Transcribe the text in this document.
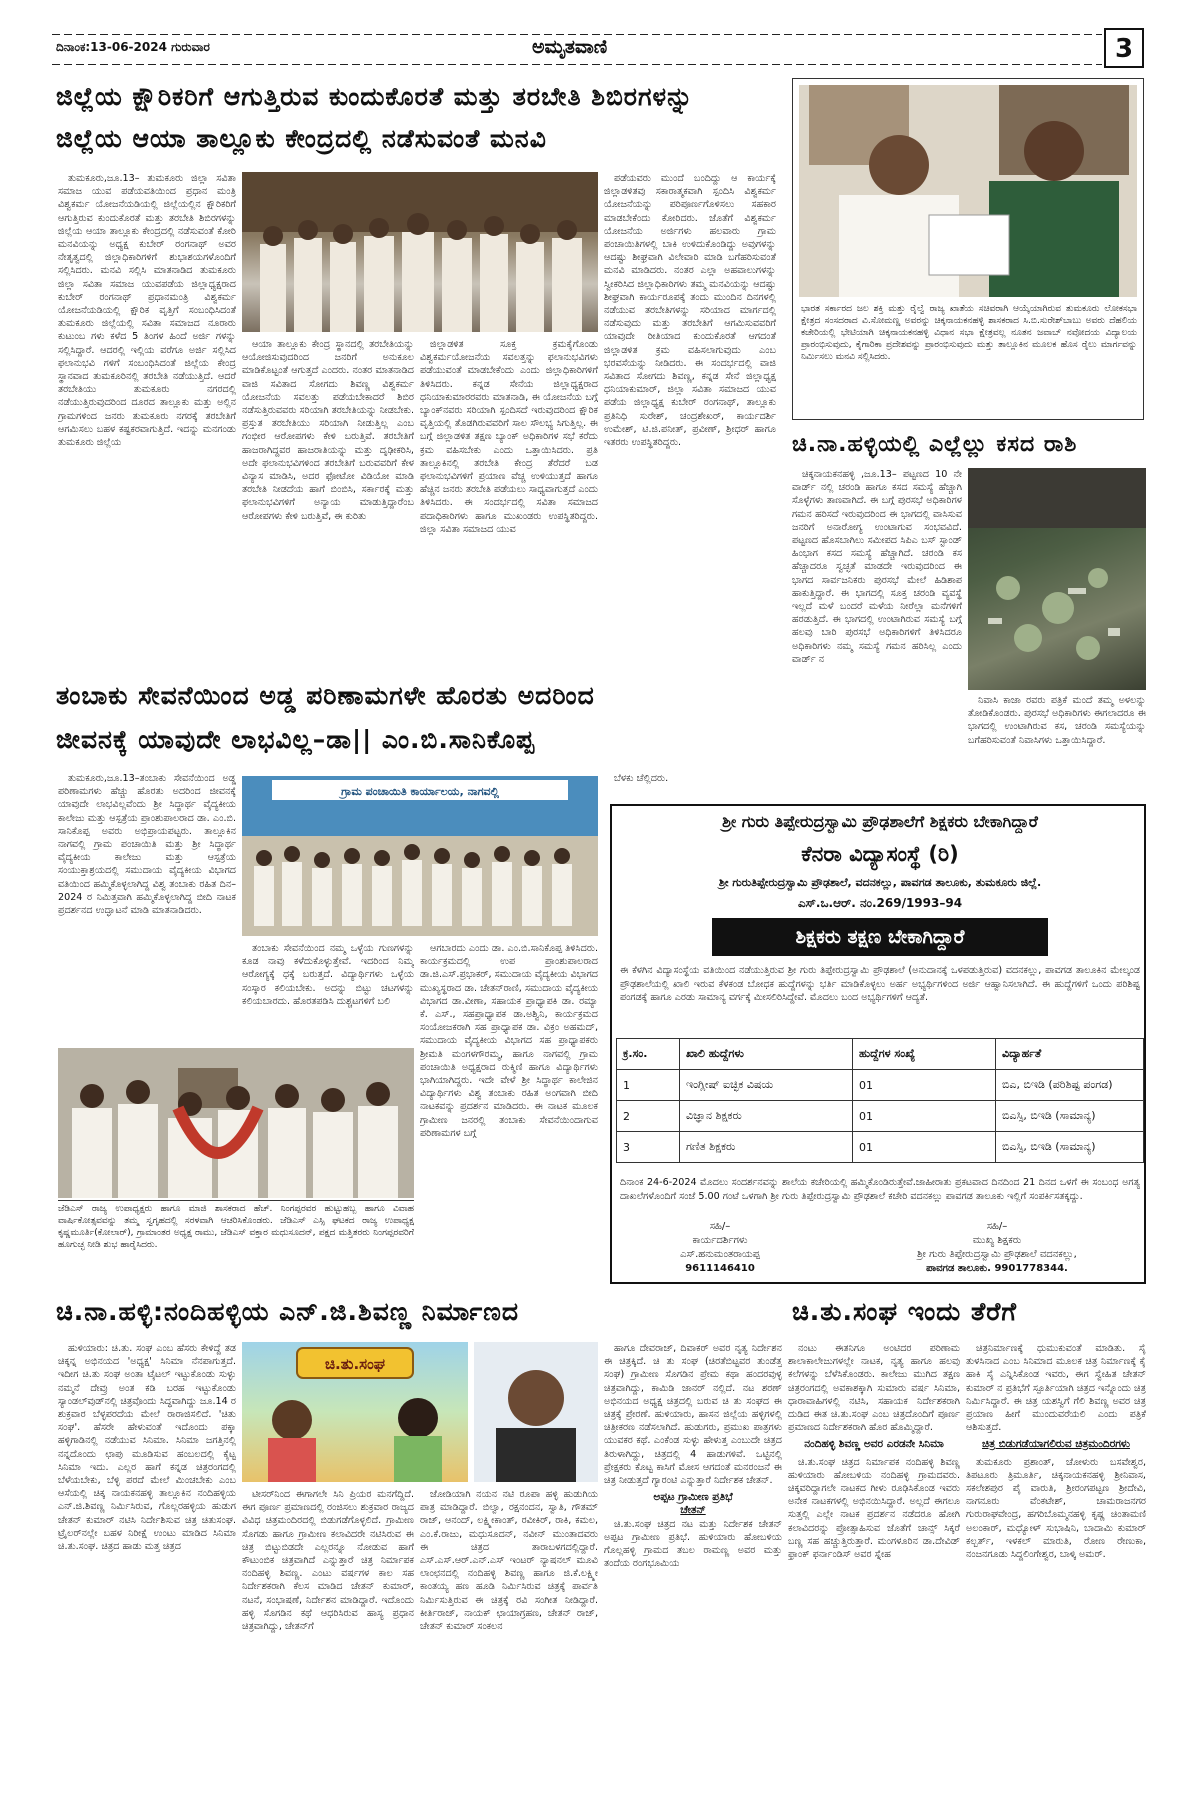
ದಿನಾಂಕ:13-06-2024 ಗುರುವಾರ	ಅಮೃತವಾಣಿ	3
ಜಿಲ್ಲೆಯ ಕ್ಷೌರಿಕರಿಗೆ ಆಗುತ್ತಿರುವ ಕುಂದುಕೊರತೆ ಮತ್ತು ತರಬೇತಿ ಶಿಬಿರಗಳನ್ನು
ಜಿಲ್ಲೆಯ ಆಯಾ ತಾಲ್ಲೂಕು ಕೇಂದ್ರದಲ್ಲಿ ನಡೆಸುವಂತೆ ಮನವಿ

ತುಮಕೂರು,ಜೂ.13– ತುಮಕೂರು ಜಿಲ್ಲಾ ಸವಿತಾ ಸಮಾಜ ಯುವ ಪಡೆಯವತಿಯಿಂದ ಪ್ರಧಾನ ಮಂತ್ರಿ ವಿಶ್ವಕರ್ಮ ಯೋಜನೆಯಡಿಯಲ್ಲಿ ಜಿಲ್ಲೆಯಲ್ಲಿನ ಕ್ಷೌರಿಕರಿಗೆ ಆಗುತ್ತಿರುವ ಕುಂದುಕೊರತೆ ಮತ್ತು ತರಬೇತಿ ಶಿಬಿರಗಳನ್ನು ಜಿಲ್ಲೆಯ ಆಯಾ ತಾಲ್ಲೂಕು ಕೇಂದ್ರದಲ್ಲಿ ನಡೆಸುವಂತೆ ಕೋರಿ ಮನವಿಯನ್ನು ಅಧ್ಯಕ್ಷ ಕುಬೇರ್ ರಂಗನಾಥ್ ಅವರ ನೇತೃತ್ವದಲ್ಲಿ ಜಿಲ್ಲಾಧಿಕಾರಿಗಳಿಗೆ ಶುಭಾಶಯಗಳೊಂದಿಗೆ ಸಲ್ಲಿಸಿದರು. ಮನವಿ ಸಲ್ಲಿಸಿ ಮಾತನಾಡಿದ ತುಮಕೂರು ಜಿಲ್ಲಾ ಸವಿತಾ ಸಮಾಜ ಯುವಪಡೆಯ ಜಿಲ್ಲಾಧ್ಯಕ್ಷರಾದ ಕುಬೇರ್ ರಂಗನಾಥ್ ಪ್ರಧಾನಮಂತ್ರಿ ವಿಶ್ವಕರ್ಮ ಯೋಜನೆಯಡಿಯಲ್ಲಿ ಕ್ಷೌರಿಕ ವೃತ್ತಿಗೆ ಸಂಬಂಧಿಸಿದಂತೆ ತುಮಕೂರು ಜಿಲ್ಲೆಯಲ್ಲಿ ಸವಿತಾ ಸಮಾಜದ ನೂರಾರು ಕುಟುಂಬ ಗಳು ಕಳೆದ 5 ತಿಂಗಳ ಹಿಂದೆ ಅರ್ಜಿ ಗಳನ್ನು ಸಲ್ಲಿಸಿದ್ದಾರೆ. ಆದರಲ್ಲಿ ಇಲ್ಲಿಯ ವರೆಗೂ ಅರ್ಜಿ ಸಲ್ಲಿಸಿದ ಫಲಾನುಭವಿ ಗಳಿಗೆ ಸಂಬಂಧಿಸಿದಂತೆ ಜಿಲ್ಲೆಯ ಕೇಂದ್ರ ಸ್ಥಾನವಾದ ತುಮಕೂರಿನಲ್ಲಿ ತರಬೇತಿ ನಡೆಯುತ್ತಿದೆ. ಆದರೆ ತರಬೇತಿಯು ತುಮಕೂರು ನಗರದಲ್ಲಿ ನಡೆಯುತ್ತಿರುವುದರಿಂದ ದೂರದ ತಾಲ್ಲೂಕು ಮತ್ತು ಅಲ್ಲಿನ ಗ್ರಾಮಗಳಿಂದ ಜನರು ತುಮಕೂರು ನಗರಕ್ಕೆ ತರಬೇತಿಗೆ ಆಗಮಿಸಲು ಬಹಳ ಕಷ್ಟಕರವಾಗುತ್ತಿದೆ. ಇದನ್ನು ಮನಗಂಡು ತುಮಕೂರು ಜಿಲ್ಲೆಯ

ಆಯಾ ತಾಲ್ಲೂಕು ಕೇಂದ್ರ ಸ್ಥಾನದಲ್ಲಿ ತರಬೇತಿಯನ್ನು ಆಯೋಜಿಸುವುದರಿಂದ ಜನರಿಗೆ ಅನುಕೂಲ ಮಾಡಿಕೊಟ್ಟಂತೆ ಆಗುತ್ತದೆ ಎಂದರು. ನಂತರ ಮಾತನಾಡಿದ ವಾಜಿ ಸವಿತಾದ ಸೋಗದು ಶಿವಣ್ಣ ವಿಶ್ವಕರ್ಮ ಯೋಜನೆಯ ಸವಲತ್ತು ಪಡೆಯಬೇಕಾದರೆ ಶಿಬಿರ ನಡೆಸುತ್ತಿರುವವರು ಸರಿಯಾಗಿ ತರಬೇತಿಯನ್ನು ನೀಡಬೇಕು. ಪ್ರಸ್ತುತ ತರಬೇತಿಯು ಸರಿಯಾಗಿ ನೀಡುತ್ತಿಲ್ಲ ಎಂಬ ಗಂಭೀರ ಆರೋಪಗಳು ಕೇಳಿ ಬರುತ್ತಿವೆ. ತರಬೇತಿಗೆ ಹಾಜರಾಗಿದ್ದವರ ಹಾಜರಾತಿಯನ್ನು ಮತ್ತು ದೃಢೀಕರಿಸಿ, ಅದೇ ಫಲಾನುಭವಿಗಳಿಂದ ತರಬೇತಿಗೆ ಬರುವವರಿಗೆ ಕೇಳ ವಿನ್ಯಾಸ ಮಾಡಿಸಿ, ಅದರ ಫೋಟೋ ವಿಡಿಯೋ ಮಾಡಿ ತರಬೇತಿ ನೀಡದೆಯ ಹಾಗೆ ಬಿಂಬಿಸಿ, ಸರ್ಕಾರಕ್ಕೆ ಮತ್ತು ಫಲಾನುಭವಿಗಳಿಗೆ ಅನ್ಯಾಯ ಮಾಡುತ್ತಿದ್ದಾರೆಂಬ ಆರೋಪಗಳು ಕೇಳಿ ಬರುತ್ತಿವೆ, ಈ ಕುರಿತು

ಜಿಲ್ಲಾಡಳಿತ ಸೂಕ್ತ ಕ್ರಮಕೈಗೊಂಡು ವಿಶ್ವಕರ್ಮಯೋಜನೆಯ ಸವಲತ್ತನ್ನು ಫಲಾನುಭವಿಗಳು ಪಡೆಯುವಂತೆ ಮಾಡಬೇಕೆಂದು ಎಂದು ಜಿಲ್ಲಾಧಿಕಾರಿಗಳಿಗೆ ತಿಳಿಸಿದರು. ಕನ್ನಡ ಸೇನೆಯ ಜಿಲ್ಲಾಧ್ಯಕ್ಷರಾದ ಧನಿಯಾಕುಮಾರರವರು ಮಾತನಾಡಿ, ಈ ಯೋಜನೆಯ ಬಗ್ಗೆ ಬ್ಯಾಂಕ್‌ನವರು ಸರಿಯಾಗಿ ಸ್ಪಂದಿಸದೆ ಇರುವುದರಿಂದ ಕ್ಷೌರಿಕ ವೃತ್ತಿಯಲ್ಲಿ ತೊಡಗಿರುವವರಿಗೆ ಸಾಲ ಸೌಲಭ್ಯ ಸಿಗುತ್ತಿಲ್ಲ. ಈ ಬಗ್ಗೆ ಜಿಲ್ಲಾಡಳಿತ ತಕ್ಷಣ ಬ್ಯಾಂಕ್ ಅಧಿಕಾರಿಗಳ ಸಭೆ ಕರೆದು ಕ್ರಮ ವಹಿಸಬೇಕು ಎಂದು ಒತ್ತಾಯಿಸಿದರು. ಪ್ರತಿ ತಾಲ್ಲೂಕಿನಲ್ಲಿ ತರಬೇತಿ ಕೇಂದ್ರ ತೆರೆದರೆ ಬಡ ಫಲಾನುಭವಿಗಳಿಗೆ ಪ್ರಯಾಣ ವೆಚ್ಚ ಉಳಿಯುತ್ತದೆ ಹಾಗೂ ಹೆಚ್ಚಿನ ಜನರು ತರಬೇತಿ ಪಡೆಯಲು ಸಾಧ್ಯವಾಗುತ್ತದೆ ಎಂದು ತಿಳಿಸಿದರು. ಈ ಸಂದರ್ಭದಲ್ಲಿ ಸವಿತಾ ಸಮಾಜದ ಪದಾಧಿಕಾರಿಗಳು ಹಾಗೂ ಮುಖಂಡರು ಉಪಸ್ಥಿತರಿದ್ದರು. ಜಿಲ್ಲಾ ಸವಿತಾ ಸಮಾಜದ ಯುವ

ಪಡೆಯವರು ಮುಂದೆ ಬಂದಿದ್ದು ಆ ಕಾರ್ಯಕ್ಕೆ ಜಿಲ್ಲಾಡಳಿತವು ಸಕಾರಾತ್ಮಕವಾಗಿ ಸ್ಪಂದಿಸಿ ವಿಶ್ವಕರ್ಮ ಯೋಜನೆಯನ್ನು ಪರಿಪೂರ್ಣಗೊಳಿಸಲು ಸಹಕಾರ ಮಾಡಬೇಕೆಂದು ಕೋರಿದರು. ಜೊತೆಗೆ ವಿಶ್ವಕರ್ಮ ಯೋಜನೆಯ ಅರ್ಜಿಗಳು ಹಲವಾರು ಗ್ರಾಮ ಪಂಚಾಯಿತಿಗಳಲ್ಲಿ ಬಾಕಿ ಉಳಿದುಕೊಂಡಿದ್ದು ಅವುಗಳನ್ನು ಆದಷ್ಟು ಶೀಘ್ರವಾಗಿ ವಿಲೇವಾರಿ ಮಾಡಿ ಬಗೆಹರಿಸುವಂತೆ ಮನವಿ ಮಾಡಿದರು. ನಂತರ ಎಲ್ಲಾ ಅಹವಾಲುಗಳನ್ನು ಸ್ವೀಕರಿಸಿದ ಜಿಲ್ಲಾಧಿಕಾರಿಗಳು ತಮ್ಮ ಮನವಿಯನ್ನು ಆದಷ್ಟು ಶೀಘ್ರವಾಗಿ ಕಾರ್ಯರೂಪಕ್ಕೆ ತಂದು ಮುಂದಿನ ದಿನಗಳಲ್ಲಿ ನಡೆಯುವ ತರಬೇತಿಗಳನ್ನು ಸರಿಯಾದ ಮಾರ್ಗದಲ್ಲಿ ನಡೆಸುವುದು ಮತ್ತು ತರಬೇತಿಗೆ ಆಗಮಿಸುವವರಿಗೆ ಯಾವುದೇ ರೀತಿಯಾದ ಕುಂದುಕೊರತೆ ಆಗದಂತೆ ಜಿಲ್ಲಾಡಳಿತ ಕ್ರಮ ವಹಿಸಲಾಗುವುದು ಎಂಬ ಭರವಸೆಯನ್ನು ನೀಡಿದರು. ಈ ಸಂದರ್ಭದಲ್ಲಿ ವಾಜಿ ಸವಿತಾದ ಸೋಗದು ಶಿವಣ್ಣ, ಕನ್ನಡ ಸೇನೆ ಜಿಲ್ಲಾಧ್ಯಕ್ಷ ಧನಿಯಾಕುಮಾರ್, ಜಿಲ್ಲಾ ಸವಿತಾ ಸಮಾಜದ ಯುವ ಪಡೆಯ ಜಿಲ್ಲಾಧ್ಯಕ್ಷ ಕುಬೇರ್ ರಂಗನಾಥ್, ತಾಲ್ಲೂಕು ಪ್ರತಿನಿಧಿ ಸುರೇಶ್, ಚಂದ್ರಶೇಖರ್, ಕಾರ್ಯದರ್ಶಿ ಉಮೇಶ್, ಟಿ.ಜಿ.ಪನೀತ್, ಪ್ರವೀಣ್, ಶ್ರೀಧರ್ ಹಾಗೂ ಇತರರು ಉಪಸ್ಥಿತರಿದ್ದರು.

ಭಾರತ ಸರ್ಕಾರದ ಜಲ ಶಕ್ತಿ ಮತ್ತು ರೈಲ್ವೆ ರಾಜ್ಯ ಖಾತೆಯ ಸಚಿವರಾಗಿ ಆಯ್ಕೆಯಾಗಿರುವ ತುಮಕೂರು ಲೋಕಸಭಾ ಕ್ಷೇತ್ರದ ಸಂಸದರಾದ ವಿ.ಸೋಮಣ್ಣ ಅವರನ್ನು ಚಿಕ್ಕನಾಯಕನಹಳ್ಳಿ ಶಾಸಕರಾದ ಸಿ.ಬಿ.ಸುರೇಶ್‌ಬಾಬು ಅವರು ದೆಹಲಿಯ ಕಚೇರಿಯಲ್ಲಿ ಭೇಟಿಯಾಗಿ ಚಿಕ್ಕನಾಯಕನಹಳ್ಳಿ ವಿಧಾನ ಸಭಾ ಕ್ಷೇತ್ರವಲ್ಲ ನೂತನ ಜವಾಬ್ ನವೋದಯ ವಿದ್ಯಾಲಯ ಪ್ರಾರಂಭಿಸುವುದು, ಕೈಗಾರಿಕಾ ಪ್ರದೇಶವನ್ನು ಪ್ರಾರಂಭಿಸುವುದು ಮತ್ತು ತಾಲ್ಲೂಕಿನ ಮೂಲಕ ಹೊಸ ರೈಲು ಮಾರ್ಗವನ್ನು ನಿರ್ಮಿಸಲು ಮನವಿ ಸಲ್ಲಿಸಿದರು.
ಚಿ.ನಾ.ಹಳ್ಳಿಯಲ್ಲಿ ಎಲ್ಲೆಲ್ಲು ಕಸದ ರಾಶಿ

ಚಿಕ್ಕನಾಯಕನಹಳ್ಳಿ ,ಜೂ.13– ಪಟ್ಟಣದ 10 ನೇ ವಾರ್ಡ್ ನಲ್ಲಿ ಚರಂಡಿ ಹಾಗೂ ಕಸದ ಸಮಸ್ಯೆ ಹೆಚ್ಚಾಗಿ ಸೊಳ್ಳೆಗಳು ತಾಣವಾಗಿದೆ. ಈ ಬಗ್ಗೆ ಪುರಸಭೆ ಅಧಿಕಾರಿಗಳ ಗಮನ ಹರಿಸದೆ ಇರುವುದರಿಂದ ಈ ಭಾಗದಲ್ಲಿ ವಾಸಿಸುವ ಜನರಿಗೆ ಅನಾರೋಗ್ಯ ಉಂಟಾಗುವ ಸಂಭವವಿದೆ. ಪಟ್ಟಣದ ಹೊಸಬಾಗಿಲು ಸಮೀಪದ ಸಿಪಿಎ ಬಸ್ ಸ್ಟಾಂಡ್ ಹಿಂಭಾಗ ಕಸದ ಸಮಸ್ಯೆ ಹೆಚ್ಚಾಗಿದೆ. ಚರಂಡಿ ಕಸ ಹೆಚ್ಚಾದರೂ ಸ್ವಚ್ಛತೆ ಮಾಡದೇ ಇರುವುದರಿಂದ ಈ ಭಾಗದ ಸಾರ್ವಜನಿಕರು ಪುರಸಭೆ ಮೇಲೆ ಹಿಡಿಶಾಪ ಹಾಕುತ್ತಿದ್ದಾರೆ. ಈ ಭಾಗದಲ್ಲಿ ಸೂಕ್ತ ಚರಂಡಿ ವ್ಯವಸ್ಥೆ ಇಲ್ಲದೆ ಮಳೆ ಬಂದರೆ ಮಳೆಯ ನೀರೆಲ್ಲಾ ಮನೆಗಳಿಗೆ ಹರಡುತ್ತಿದೆ. ಈ ಭಾಗದಲ್ಲಿ ಉಂಟಾಗಿರುವ ಸಮಸ್ಯೆ ಬಗ್ಗೆ ಹಲವು ಬಾರಿ ಪುರಸಭೆ ಅಧಿಕಾರಿಗಳಿಗೆ ತಿಳಿಸಿದರೂ ಅಧಿಕಾರಿಗಳು ನಮ್ಮ ಸಮಸ್ಯೆ ಗಮನ ಹರಿಸಿಲ್ಲ ಎಂದು ವಾರ್ಡ್ ನ

ನಿವಾಸಿ ಕಾಜಾ ರವರು ಪತ್ರಿಕೆ ಮಂದೆ ತಮ್ಮ ಅಳಲನ್ನು ತೋಡಿಕೊಂಡರು. ಪುರಸಭೆ ಅಧಿಕಾರಿಗಳು ಈಗಲಾದರೂ ಈ ಭಾಗದಲ್ಲಿ ಉಂಟಾಗಿರುವ ಕಸ, ಚರಂಡಿ ಸಮಸ್ಯೆಯನ್ನು ಬಗೆಹರಿಸುವಂತೆ ನಿವಾಸಿಗಳು ಒತ್ತಾಯಿಸಿದ್ದಾರೆ.

ತಂಬಾಕು ಸೇವನೆಯಿಂದ ಅಡ್ಡ ಪರಿಣಾಮಗಳೇ ಹೊರತು ಅದರಿಂದ
ಜೀವನಕ್ಕೆ ಯಾವುದೇ ಲಾಭವಿಲ್ಲ–ಡಾ|| ಎಂ.ಬಿ.ಸಾನಿಕೊಪ್ಪ

ತುಮಕೂರು,ಜೂ.13–ತಂಬಾಕು ಸೇವನೆಯಿಂದ ಅಡ್ಡ ಪರಿಣಾಮಗಳು ಹೆಚ್ಚು ಹೊರತು ಅದರಿಂದ ಜೀವನಕ್ಕೆ ಯಾವುದೇ ಲಾಭವಿಲ್ಲವೆಂದು ಶ್ರೀ ಸಿದ್ಧಾರ್ಥ ವೈದ್ಯಕೀಯ ಕಾಲೇಜು ಮತ್ತು ಆಸ್ಪತ್ರೆಯ ಪ್ರಾಂಶುಪಾಲರಾದ ಡಾ. ಎಂ.ಬಿ. ಸಾನಿಕೊಪ್ಪ ಅವರು ಅಭಿಪ್ರಾಯಪಟ್ಟರು. ತಾಲ್ಲೂಕಿನ ನಾಗವಲ್ಲಿ ಗ್ರಾಮ ಪಂಚಾಯಿತಿ ಮತ್ತು ಶ್ರೀ ಸಿದ್ಧಾರ್ಥ ವೈದ್ಯಕೀಯ ಕಾಲೇಜು ಮತ್ತು ಆಸ್ಪತ್ರೆಯ ಸಂಯುಕ್ತಾಶ್ರಯದಲ್ಲಿ ಸಮುದಾಯ ವೈದ್ಯಕೀಯ ವಿಭಾಗದ ವತಿಯಿಂದ ಹಮ್ಮಿಕೊಳ್ಳಲಾಗಿದ್ದ ವಿಶ್ವ ತಂಬಾಕು ರಹಿತ ದಿನ–2024 ರ ನಿಮಿತ್ತವಾಗಿ ಹಮ್ಮಿಕೊಳ್ಳಲಾಗಿದ್ದ ಬೀದಿ ನಾಟಕ ಪ್ರದರ್ಶನದ ಉದ್ಘಾಟನೆ ಮಾಡಿ ಮಾತನಾಡಿದರು.

ಗ್ರಾಮ ಪಂಚಾಯಿತಿ ಕಾರ್ಯಾಲಯ, ನಾಗವಲ್ಲಿ

ತಂಬಾಕು ಸೇವನೆಯಿಂದ ನಮ್ಮ ಒಳ್ಳೆಯ ಗುಣಗಳನ್ನು ಕೂಡ ನಾವು ಕಳೆದುಕೊಳ್ಳುತ್ತೇವೆ. ಇದರಿಂದ ನಿಮ್ಮ ಆರೋಗ್ಯಕ್ಕೆ ಧಕ್ಕೆ ಬರುತ್ತದೆ. ವಿದ್ಯಾರ್ಥಿಗಳು ಒಳ್ಳೆಯ ಸಂಸ್ಕಾರ ಕಲಿಯಬೇಕು. ಅದನ್ನು ಬಿಟ್ಟು ಚಟಗಳನ್ನು ಕಲಿಯಬಾರದು. ಹೊರತಪಡಿಸಿ ದುಶ್ಚಟಗಳಿಗೆ ಬಲಿ

ಆಗಬಾರದು ಎಂದು ಡಾ. ಎಂ.ಬಿ.ಸಾನಿಕೊಪ್ಪ ತಿಳಿಸಿದರು. ಕಾರ್ಯಕ್ರಮದಲ್ಲಿ ಉಪ ಪ್ರಾಂಶುಪಾಲರಾದ ಡಾ.ಜಿ.ಎಸ್.ಪ್ರಭಾಕರ್, ಸಮುದಾಯ ವೈದ್ಯಕೀಯ ವಿಭಾಗದ ಮುಖ್ಯಸ್ಥರಾದ ಡಾ. ಚೇತನ್‌ರಾಣಿ, ಸಮುದಾಯ ವೈದ್ಯಕೀಯ ವಿಭಾಗದ ಡಾ.ವೀಣಾ, ಸಹಾಯಕ ಪ್ರಾಧ್ಯಾಪಕಿ ಡಾ. ರಮ್ಯಾ ಕೆ. ಎಸ್., ಸಹಪ್ರಾಧ್ಯಾಪಕ ಡಾ.ಅಶ್ವಿನಿ, ಕಾರ್ಯಕ್ರಮದ ಸಂಯೋಜಕರಾಗಿ ಸಹ ಪ್ರಾಧ್ಯಾಪಕ ಡಾ. ವಿಕ್ರಂ ಅಹಮದ್, ಸಮುದಾಯ ವೈದ್ಯಕೀಯ ವಿಭಾಗದ ಸಹ ಪ್ರಾಧ್ಯಾಪಕರು ಶ್ರೀಮತಿ ಮಂಗಳಗೌರಮ್ಮ, ಹಾಗೂ ನಾಗವಲ್ಲಿ ಗ್ರಾಮ ಪಂಚಾಯಿತಿ ಅಧ್ಯಕ್ಷರಾದ ರುಕ್ಮಿಣಿ ಹಾಗೂ ವಿದ್ಯಾರ್ಥಿಗಳು ಭಾಗಿಯಾಗಿದ್ದರು. ಇದೇ ವೇಳೆ ಶ್ರೀ ಸಿದ್ಧಾರ್ಥ ಕಾಲೇಜಿನ ವಿದ್ಯಾರ್ಥಿಗಳು ವಿಶ್ವ ತಂಬಾಕು ರಹಿತ ಅಂಗವಾಗಿ ಬೀದಿ ನಾಟಕವನ್ನು ಪ್ರದರ್ಶನ ಮಾಡಿದರು. ಈ ನಾಟಕ ಮೂಲಕ ಗ್ರಾಮೀಣ ಜನರಲ್ಲಿ ತಂಬಾಕು ಸೇವನೆಯಿಂದಾಗುವ ಪರಿಣಾಮಗಳ ಬಗ್ಗೆ

ಬೆಳಕು ಚೆಲ್ಲಿದರು.

ಜೆಡಿಎಸ್ ರಾಜ್ಯ ಉಪಾಧ್ಯಕ್ಷರು ಹಾಗೂ ಮಾಜಿ ಶಾಸಕರಾದ ಹೆಚ್. ನಿಂಗಪ್ಪರವರ ಹುಟ್ಟುಹಬ್ಬ ಹಾಗೂ ವಿವಾಹ ವಾರ್ಷಿಕೋತ್ಸವವನ್ನು ತಮ್ಮ ಸ್ವಗೃಹದಲ್ಲಿ ಸರಳವಾಗಿ ಆಚರಿಸಿಕೊಂಡರು. ಜೆಡಿಎಸ್ ಎಸ್ಸಿ ಘಟಕದ ರಾಜ್ಯ ಉಪಾಧ್ಯಕ್ಷ ಕೃಷ್ಣಮೂರ್ತಿ(ಕೋಲಾರ್), ಗ್ರಾಮಾಂತರ ಅಧ್ಯಕ್ಷ ರಾಮು, ಜೆಡಿಎಸ್ ವಕ್ತಾರ ಮಧುಸೂದನ್, ಪಕ್ಷದ ಮತ್ತಿತರರು ನಿಂಗಪ್ಪರವರಿಗೆ ಹೂಗುಚ್ಛ ನೀಡಿ ಶುಭ ಹಾರೈಸಿದರು.
ಶ್ರೀ ಗುರು ತಿಪ್ಪೇರುದ್ರಸ್ವಾಮಿ ಪ್ರೌಢಶಾಲೆಗೆ ಶಿಕ್ಷಕರು ಬೇಕಾಗಿದ್ದಾರೆ
ಕೆನರಾ ವಿದ್ಯಾಸಂಸ್ಥೆ (ರಿ)
ಶ್ರೀ ಗುರುತಿಪ್ಪೇರುದ್ರಸ್ವಾಮಿ ಪ್ರೌಢಶಾಲೆ, ವದನಕಲ್ಲು, ಪಾವಗಡ ತಾಲೂಕು, ತುಮಕೂರು ಜಿಲ್ಲೆ.
ಎಸ್.ಒ.ಆರ್. ನಂ.269/1993–94
ಶಿಕ್ಷಕರು ತಕ್ಷಣ ಬೇಕಾಗಿದ್ದಾರೆ
ಈ ಕೆಳಗಿನ ವಿದ್ಯಾಸಂಸ್ಥೆಯ ವತಿಯಿಂದ ನಡೆಯುತ್ತಿರುವ ಶ್ರೀ ಗುರು ತಿಪ್ಪೇರುದ್ರಸ್ವಾಮಿ ಪ್ರೌಢಶಾಲೆ (ಅನುದಾನಕ್ಕೆ ಒಳಪಡುತ್ತಿರುವ) ವದನಕಲ್ಲು, ಪಾವಗಡ ತಾಲೂಕಿನ ಮೇಲ್ಕಂಡ ಪ್ರೌಢಶಾಲೆಯಲ್ಲಿ ಖಾಲಿ ಇರುವ ಕೆಳಕಂಡ ಬೋಧಕ ಹುದ್ದೆಗಳನ್ನು ಭರ್ತಿ ಮಾಡಿಕೊಳ್ಳಲು ಅರ್ಹ ಅಭ್ಯರ್ಥಿಗಳಿಂದ ಅರ್ಜಿ ಆಹ್ವಾನಿಸಲಾಗಿದೆ. ಈ ಹುದ್ದೆಗಳಿಗೆ ಒಂದು ಪರಿಶಿಷ್ಟ ಪಂಗಡಕ್ಕೆ ಹಾಗೂ ಎರಡು ಸಾಮಾನ್ಯ ವರ್ಗಕ್ಕೆ ಮೀಸಲಿರಿಸಿದ್ದೇವೆ. ಮೊದಲು ಬಂದ ಅಭ್ಯರ್ಥಿಗಳಿಗೆ ಆದ್ಯತೆ.
ಕ್ರ.ಸಂ.	ಖಾಲಿ ಹುದ್ದೆಗಳು	ಹುದ್ದೆಗಳ ಸಂಖ್ಯೆ	ವಿದ್ಯಾರ್ಹತೆ
1	ಇಂಗ್ಲೀಷ್ ಐಚ್ಛಿಕ ವಿಷಯ	01	ಬಿಎ, ಬಿಇಡಿ (ಪರಿಶಿಷ್ಟ ಪಂಗಡ)
2	ವಿಜ್ಞಾನ ಶಿಕ್ಷಕರು	01	ಬಿಎಸ್ಸಿ, ಬಿಇಡಿ (ಸಾಮಾನ್ಯ)
3	ಗಣಿತ ಶಿಕ್ಷಕರು	01	ಬಿಎಸ್ಸಿ, ಬಿಇಡಿ (ಸಾಮಾನ್ಯ)
ದಿನಾಂಕ 24-6-2024 ಮೊದಲು ಸಂದರ್ಶನವನ್ನು ಶಾಲೆಯ ಕಚೇರಿಯಲ್ಲಿ ಹಮ್ಮಿಕೊಂಡಿರುತ್ತೇವೆ.ಜಾಹೀರಾತು ಪ್ರಕಟವಾದ ದಿನದಿಂದ 21 ದಿನದ ಒಳಗೆ ಈ ಸಂಬಂಧ ಅಗತ್ಯ ದಾಖಲೆಗಳೊಂದಿಗೆ ಸಂಜೆ 5.00 ಗಂಟೆ ಒಳಗಾಗಿ ಶ್ರೀ ಗುರು ತಿಪ್ಪೇರುದ್ರಸ್ವಾಮಿ ಪ್ರೌಢಶಾಲೆ ಕಚೇರಿ ವದನಕಲ್ಲು ಪಾವಗಡ ತಾಲೂಕು ಇಲ್ಲಿಗೆ ಸಂಪರ್ಕಿಸತಕ್ಕದ್ದು.
ಸಹಿ/–
ಕಾರ್ಯದರ್ಶಿಗಳು
ಎಸ್.ಹನುಮಂತರಾಯಪ್ಪ
9611146410
ಸಹಿ/–
ಮುಖ್ಯ ಶಿಕ್ಷಕರು
ಶ್ರೀ ಗುರು ತಿಪ್ಪೇರುದ್ರಸ್ವಾಮಿ ಪ್ರೌಢಶಾಲೆ ವದನಕಲ್ಲು,
ಪಾವಗಡ ತಾಲೂಕು. 9901778344.
ಚಿ.ನಾ.ಹಳ್ಳಿ:ನಂದಿಹಳ್ಳಿಯ ಎನ್.ಜಿ.ಶಿವಣ್ಣ ನಿರ್ಮಾಣದ	ಚಿ.ತು.ಸಂಘ ಇಂದು ತೆರೆಗೆ

ಹುಳಿಯಾರು: ಚಿ.ತು. ಸಂಘ ಎಂಬ ಹೆಸರು ಕೇಳಿದ್ದೆ ತಡ ಚಿಕ್ಕನ್ನ ಅಭಿನಯದ 'ಅಧ್ಯಕ್ಷ' ಸಿನಿಮಾ ನೆನಪಾಗುತ್ತದೆ. ಇದೀಗ ಚಿ.ತು ಸಂಘ ಅಂತಾ ಟೈಟಲ್ ಇಟ್ಟುಕೊಂಡು ಸುಳ್ಳು ನಮ್ಮನೆ ದೇವ್ರು ಅಂತ ಕಡಿ ಬರಹ ಇಟ್ಟುಕೊಂಡು ಸ್ಯಾಂಡಲ್‌ವುಡ್‌ನಲ್ಲಿ ಚಿತ್ರವೊಂದು ಸಿದ್ಧವಾಗಿದ್ದು ಜೂ.14 ರ ಶುಕ್ರವಾರ ಬೆಳ್ಳಪರದೆಯ ಮೇಲೆ ರಾರಾಜಿಸಲಿದೆ. 'ಚಿತು ಸಂಘ'. ಹೆಸರೇ ಹೇಳುವಂತೆ ಇದೊಂದು ಪಕ್ಕಾ ಹಳ್ಳಿಗಾಡಿನಲ್ಲಿ ನಡೆಯುವ ಸಿನಿಮಾ. ಸಿನಿಮಾ ಜಗತ್ತಿನಲ್ಲಿ ನನ್ನದೊಂದು ಛಾಪು ಮೂಡಿಸುವ ಹಂಬಲದಲ್ಲಿ ಕೈಟ್ಟ ಸಿನಿಮಾ ಇದು. ಎಲ್ಲರ ಹಾಗೆ ಕನ್ನಡ ಚಿತ್ರರಂಗದಲ್ಲಿ ಬೆಳೆಯಬೇಕು, ಬೆಳ್ಳಿ ಪರದೆ ಮೇಲೆ ಮಿಂಚಬೇಕು ಎಂಬ ಆಸೆಯಲ್ಲಿ ಚಿಕ್ಕ ನಾಯಕನಹಳ್ಳಿ ತಾಲ್ಲೂಕಿನ ನಂದಿಹಳ್ಳಿಯ ಎನ್.ಜಿ.ಶಿವಣ್ಣ ನಿರ್ಮಿಸಿರುವ, ಗೊಲ್ಲರಹಳ್ಳಿಯ ಹುಡುಗ ಚೇತನ್ ಕುಮಾರ್ ನಟಿಸಿ ನಿರ್ದೇಶಿಸುವ ಚಿತ್ರ ಚಿತುಸಂಘ. ಟ್ರೈಲರ್‌ನಲ್ಲೇ ಬಹಳ ನಿರೀಕ್ಷೆ ಉಂಟು ಮಾಡಿದ ಸಿನಿಮಾ ಚಿ.ತು.ಸಂಘ. ಚಿತ್ರದ ಹಾಡು ಮತ್ತ ಚಿತ್ರದ

ಚಿ.ತು.ಸಂಘ

ಟೀಸರ್‌ನಿಂದ ಈಗಾಗಲೇ ಸಿನಿ ಪ್ರಿಯರ ಮನಗೆದ್ದಿದೆ. ಈಗ ಪೂರ್ಣ ಪ್ರಮಾಣದಲ್ಲಿ ರಂಜಿಸಲು ಶುಕ್ರವಾರ ರಾಜ್ಯದ ವಿವಿಧ ಚಿತ್ರಮಂದಿರದಲ್ಲಿ ಬಿಡುಗಡೆಗೊಳ್ಳಲಿದೆ. ಗ್ರಾಮೀಣ ಸೊಗಡು ಹಾಗೂ ಗ್ರಾಮೀಣ ಕಲಾವಿದರೇ ನಟಿಸಿರುವ ಈ ಚಿತ್ರ ಬಿಟ್ಟುಬಿಡದೇ ಎಲ್ಲರನ್ನೂ ನೋಡುವ ಹಾಗೆ ಕೌಟುಂಬಿಕ ಚಿತ್ರವಾಗಿದೆ ಎನ್ನುತ್ತಾರೆ ಚಿತ್ರ ನಿರ್ಮಾಪಕ ನಂದಿಹಳ್ಳಿ ಶಿವಣ್ಣ. ಎಂಟು ವರ್ಷಗಳ ಕಾಲ ಸಹ ನಿರ್ದೇಶಕರಾಗಿ ಕೆಲಸ ಮಾಡಿದ ಚೇತನ್ ಕುಮಾರ್, ನಟನೆ, ಸಂಭಾಷಣೆ, ನಿರ್ದೇಶನ ಮಾಡಿದ್ದಾರೆ. ಇದೊಂದು ಹಳ್ಳಿ ಸೊಗಡಿನ ಕಥೆ ಆಧರಿಸಿರುವ ಹಾಸ್ಯ ಪ್ರಧಾನ ಚಿತ್ರವಾಗಿದ್ದು, ಚೇತನ್‌ಗೆ

ಜೋಡಿಯಾಗಿ ನಯನ ನಟಿ ರೂಪಾ ಹಳ್ಳಿ ಹುಡುಗಿಯ ಪಾತ್ರ ಮಾಡಿದ್ದಾರೆ. ಬಿಲ್ವಾ, ರಕ್ಷನಂದನ, ಸ್ವಾತಿ, ಗೌತಮ್ ರಾಜ್, ಆನಂದ್, ಲಕ್ಷ್ಮೀಕಾಂತ್, ರವೀಕಿರ್, ರಾಕಿ, ಕಮಲ, ಎಂ.ಕೆ.ರಾಜು, ಮಧುಸೂದನ್, ನವೀನ್ ಮುಂತಾದವರು ಈ ಚಿತ್ರದ ತಾರಾಬಳಗದಲ್ಲಿದ್ದಾರೆ. ಎಸ್.ಎಸ್.ಆರ್.ಎನ್.ಎಸ್ ಇಂಟರ್ ನ್ಯಾಷನಲ್ ಮೂವಿ ಲಾಂಛನದಲ್ಲಿ ನಂದಿಹಳ್ಳಿ ಶಿವಣ್ಣ ಹಾಗೂ ಜಿ.ಕೆ.ಲಕ್ಷ್ಮೀ ಕಾಂತಯ್ಯ ಹಣ ಹೂಡಿ ನಿರ್ಮಿಸಿರುವ ಚಿತ್ರಕ್ಕೆ ಪಾರ್ವತಿ ನಿರ್ಮಿಸುತ್ತಿರುವ ಈ ಚಿತ್ರಕ್ಕೆ ರವಿ ಸಂಗೀತ ನೀಡಿದ್ದಾರೆ. ಕೀರ್ತಿರಾಜ್, ನಾಯಕ್ ಛಾಯಾಗ್ರಹಣ, ಚೇತನ್ ರಾಜ್, ಚೇತನ್ ಕುಮಾರ್ ಸಂಕಲನ

ಹಾಗೂ ದೇವರಾಜ್, ದಿವಾಕರ್ ಅವರ ನೃತ್ಯ ನಿರ್ದೇಶನ ಈ ಚಿತ್ರಕ್ಕಿದೆ. ಚಿ ತು ಸಂಘ (ಚಿರತೆಬಿಟ್ಟವರ ತುಂಡೆತ್ತ ಸಂಘ) ಗ್ರಾಮೀಣ ಸೊಗಡಿನ ಪ್ರೇಮ ಕಥಾ ಹಂದರವುಳ್ಳ ಚಿತ್ರವಾಗಿದ್ದು, ಕಾಮಿಡಿ ಜಾನರ್ ನಲ್ಲಿದೆ. ನಟ ಶರಣ್ ಅಭಿನಯದ ಅಧ್ಯಕ್ಷ ಚಿತ್ರದಲ್ಲಿ ಬರುವ ಚಿ ತು ಸಂಘದ ಈ ಚಿತ್ರಕ್ಕೆ ಪ್ರೇರಣೆ. ಹುಳಿಯಾರು, ಹಾಸನ ಜಿಲ್ಲೆಯ ಹಳ್ಳಿಗಳಲ್ಲಿ ಚಿತ್ರೀಕರಣ ನಡೆಸಲಾಗಿದೆ. ಹುಡುಗರು, ಪ್ರಮುಖ ಪಾತ್ರಗಳು ಯುವಕರ ಕಥೆ. ಎಂಕೆಂಡ ಸುಳ್ಳು ಹೇಳುತ್ತ ಎಂಬುದೇ ಚಿತ್ರದ ತಿರುಳಾಗಿದ್ದು, ಚಿತ್ರದಲ್ಲಿ 4 ಹಾಡುಗಳಿವೆ. ಒಟ್ಟಿನಲ್ಲಿ ಪ್ರೇಕ್ಷಕರು ಕೊಟ್ಟ ಕಾಸಿಗೆ ಮೋಸ ಆಗದಂತೆ ಮನರಂಜನೆ ಈ ಚಿತ್ರ ನೀಡುತ್ತದೆ ಗ್ಯಾರಂಟಿ ಎನ್ನುತ್ತಾರೆ ನಿರ್ದೇಶಕ ಚೇತನ್.

ಅಪ್ಪಟ ಗ್ರಾಮೀಣ ಪ್ರತಿಭೆ
ಚೇತನ್

ಚಿ.ತು.ಸಂಘ ಚಿತ್ರದ ನಟ ಮತ್ತು ನಿರ್ದೇಶಕ ಚೇತನ್ ಅಪ್ಪಟ ಗ್ರಾಮೀಣ ಪ್ರತಿಭೆ. ಹುಳಿಯಾರು ಹೋಬಳಿಯ ಗೊಲ್ಲಹಳ್ಳಿ ಗ್ರಾಮದ ತಬಲ ರಾಮಣ್ಣ ಅವರ ಮತ್ತು ತಂದೆಯ ರಂಗಭೂಮಿಯ

ನಂಟು ಈತನಿಗೂ ಅಂಟಿದರ ಪರಿಣಾಮ ಶಾಲಾಕಾಲೇಜುಗಳಲ್ಲೇ ನಾಟಕ, ನೃತ್ಯ ಹಾಗೂ ಹಲವು ಕಲೆಗಳನ್ನು ಬೆಳೆಸಿಕೊಂಡರು. ಕಾಲೇಜು ಮುಗಿದ ತಕ್ಷಣ ಚಿತ್ರರಂಗದಲ್ಲಿ ಅವಕಾಶಕ್ಕಾಗಿ ಸುಮಾರು ವರ್ಷ ಸಿನಿಮಾ, ಧಾರಾವಾಹಿಗಳಲ್ಲಿ ನಟಿಸಿ, ಸಹಾಯಕ ನಿರ್ದೇಶಕರಾಗಿ ದುಡಿದ ಈತ ಚಿ.ತು.ಸಂಘ ಎಂಬ ಚಿತ್ರದೊಂದಿಗೆ ಪೂರ್ಣ ಪ್ರಮಾಣದ ನಿರ್ದೇಶಕರಾಗಿ ಹೊರ ಹೊಮ್ಮಿದ್ದಾರೆ.

ನಂದಿಹಳ್ಳಿ ಶಿವಣ್ಣ ಅವರ ಎರಡನೇ ಸಿನಿಮಾ

ಚಿ.ತು.ಸಂಘ ಚಿತ್ರದ ನಿರ್ಮಾಪಕ ನಂದಿಹಳ್ಳಿ ಶಿವಣ್ಣ ಹುಳಿಯಾರು ಹೋಬಳಿಯ ನಂದಿಹಳ್ಳಿ ಗ್ರಾಮದವರು. ಚಿಕ್ಕವರಿದ್ದಾಗಲೇ ನಾಟಕದ ಗೀಳು ರೂಢಿಸಿಕೊಂಡ ಇವರು ಅನೇಕ ನಾಟಕಗಳಲ್ಲಿ ಅಭಿನಯಿಸಿದ್ದಾರೆ. ಅಲ್ಲದೆ ಈಗಲೂ ಸುತ್ತಲ್ಲಿ ಎಲ್ಲೇ ನಾಟಕ ಪ್ರದರ್ಶನ ನಡೆದರೂ ಹೋಗಿ ಕಲಾವಿದರನ್ನು ಪ್ರೋತ್ಸಾಹಿಸುವ ಜೊತೆಗೆ ಚಾನ್ಸ್ ಸಿಕ್ಕರೆ ಬಣ್ಣ ಸಹ ಹಚ್ಚುತ್ತಿರುತ್ತಾರೆ. ಮಂಗಳೂರಿನ ಡಾ.ದೇವಿಡ್ ಫ್ರಾಂಕ್ ಫರ್ನಾಂಡಿಸ್ ಅವರ ಸ್ನೇಹ

ಚಿತ್ರನಿರ್ಮಾಣಕ್ಕೆ ಧುಮುಕುವಂತೆ ಮಾಡಿತು. ಸೈ ತುಳಸಿನಾದ ಎಂಬ ಸಿನಿಮಾದ ಮೂಲಕ ಚಿತ್ರ ನಿರ್ಮಾಣಕ್ಕೆ ಕೈ ಹಾಕಿ ಸೈ ಎನ್ನಿಸಿಕೊಂಡ ಇವರು, ಈಗ ಸ್ವೇಹಿತ ಚೇತನ್ ಕುಮಾರ್ ನ ಪ್ರತಿಭೆಗೆ ಸ್ಪೂರ್ತಿಯಾಗಿ ಚಿತ್ರದ ಇನ್ನೊಂದು ಚಿತ್ರ ನಿರ್ಮಿಸಿದ್ದಾರೆ. ಈ ಚಿತ್ರ ಯಶಸ್ವಿಗೆ ಗೆಲಿ ಶಿವಣ್ಣ ಅವರ ಚಿತ್ರ ಪ್ರಯಾಣ ಹೀಗೆ ಮುಂದುವರೆಯಲಿ ಎಂದು ಪತ್ರಿಕೆ ಆಶಿಸುತ್ತದೆ.

ಚಿತ್ರ ಬಿಡುಗಡೆಯಾಗಲಿರುವ ಚಿತ್ರಮಂದಿರಗಳು

ತುಮಕೂರು ಪ್ರಶಾಂತ್, ಚೋಳುರು ಬಸವೇಶ್ವರ, ತಿಪಟೂರು ತ್ರಿಮೂರ್ತಿ, ಚಿಕ್ಕನಾಯಕನಹಳ್ಳಿ ಶ್ರೀನಿವಾಸ, ಸಕಲೇಶಪುರ ಪೈ ವಾರುತಿ, ಶ್ರೀರಂಗಪಟ್ಟಣ ಶ್ರೀದೇವಿ, ನಾಗನೂರು ವೆಂಕಟೇಶ್, ಚಾಮರಾಜನಗರ ಗುರುರಾಘವೇಂದ್ರ, ಹಗರಿಬೊಮ್ಮನಹಳ್ಳಿ ಕೃಷ್ಣ ಚಿಂತಾಮಣಿ ಅಲಂಕಾರ್, ಮಧ್ಯೋಳ್ ಸುಭಾಷಿನಿ, ಬಾದಾಮಿ ಕುಮಾರ್ ಕಲ್ಬರ್ತ್, ಇಳಕಲ್ ಮಾರುತಿ, ರೋಣ ರೇಣುಕಾ, ನಂಜನಗೂಡು ಸಿದ್ದಲಿಂಗೇಶ್ವರ, ಬಾಳ್ಕಿ ಅಮರ್.
